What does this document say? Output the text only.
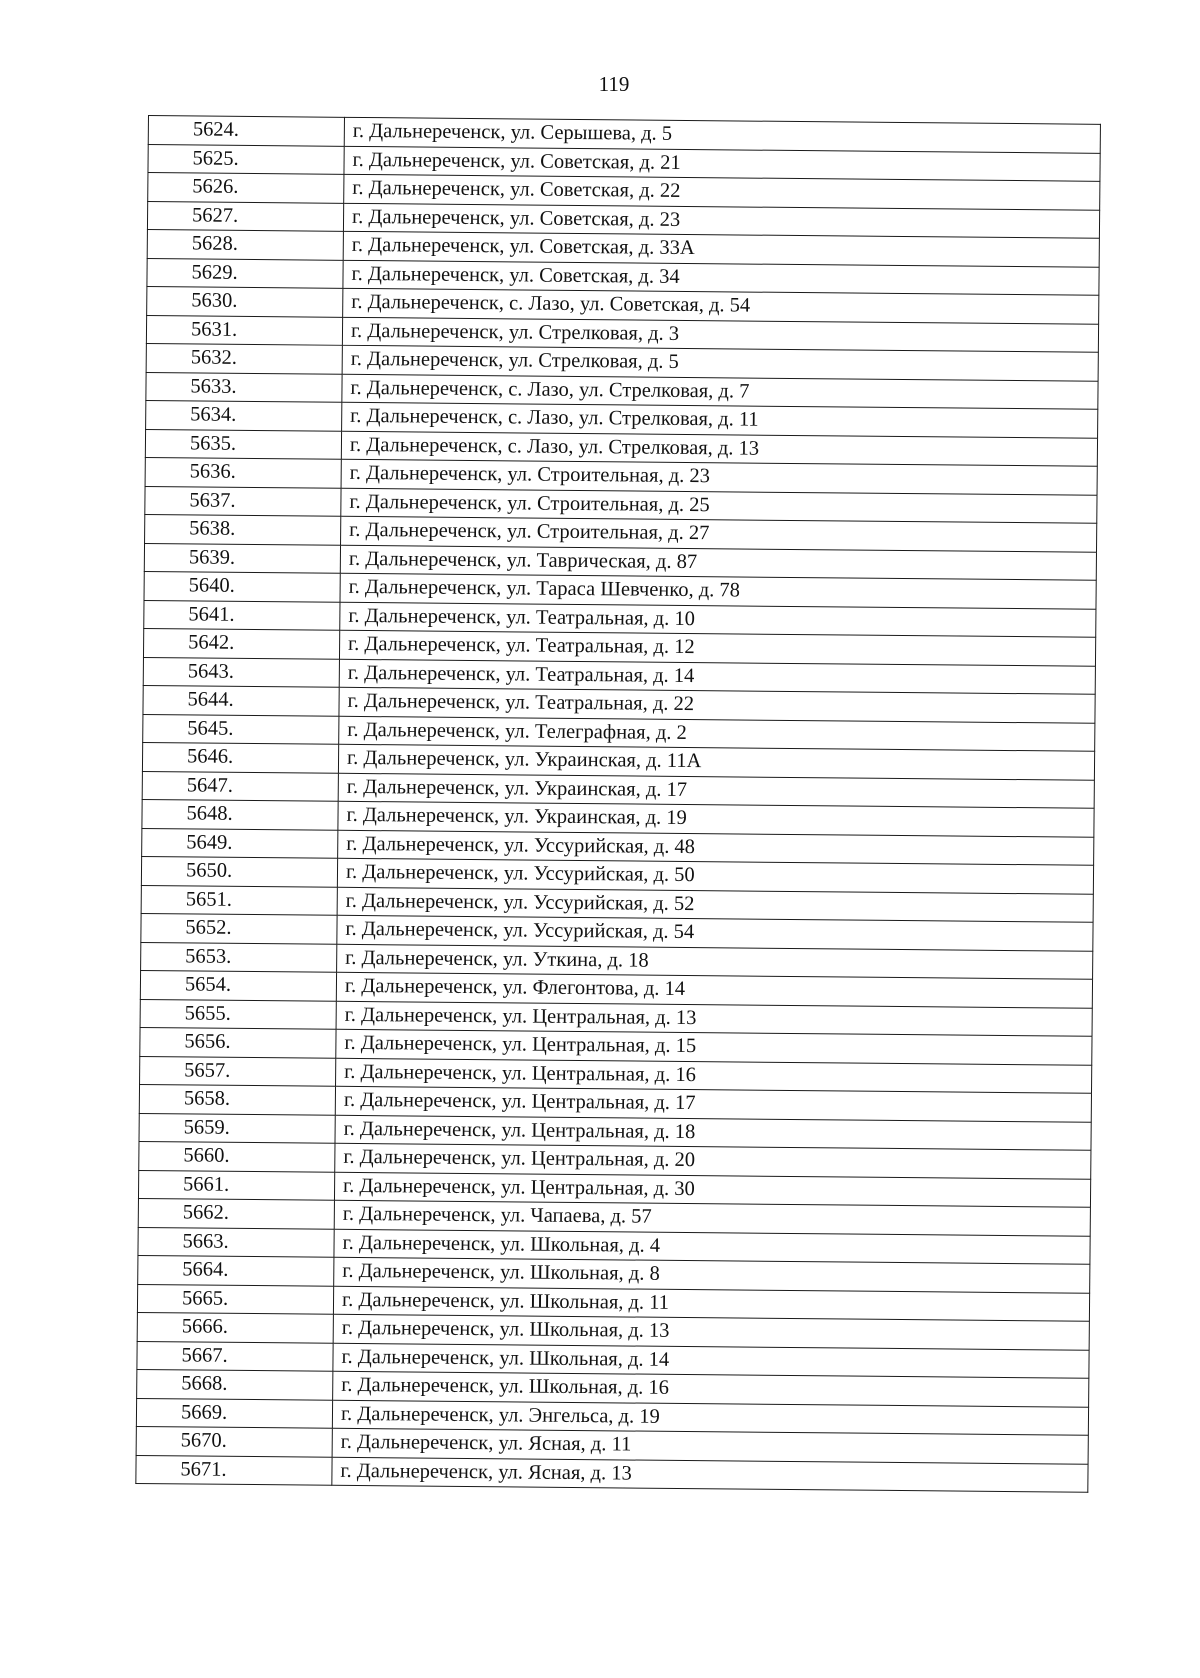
119
5624.	г. Дальнереченск, ул. Серышева, д. 5
5625.	г. Дальнереченск, ул. Советская, д. 21
5626.	г. Дальнереченск, ул. Советская, д. 22
5627.	г. Дальнереченск, ул. Советская, д. 23
5628.	г. Дальнереченск, ул. Советская, д. 33А
5629.	г. Дальнереченск, ул. Советская, д. 34
5630.	г. Дальнереченск, с. Лазо, ул. Советская, д. 54
5631.	г. Дальнереченск, ул. Стрелковая, д. 3
5632.	г. Дальнереченск, ул. Стрелковая, д. 5
5633.	г. Дальнереченск, с. Лазо, ул. Стрелковая, д. 7
5634.	г. Дальнереченск, с. Лазо, ул. Стрелковая, д. 11
5635.	г. Дальнереченск, с. Лазо, ул. Стрелковая, д. 13
5636.	г. Дальнереченск, ул. Строительная, д. 23
5637.	г. Дальнереченск, ул. Строительная, д. 25
5638.	г. Дальнереченск, ул. Строительная, д. 27
5639.	г. Дальнереченск, ул. Таврическая, д. 87
5640.	г. Дальнереченск, ул. Тараса Шевченко, д. 78
5641.	г. Дальнереченск, ул. Театральная, д. 10
5642.	г. Дальнереченск, ул. Театральная, д. 12
5643.	г. Дальнереченск, ул. Театральная, д. 14
5644.	г. Дальнереченск, ул. Театральная, д. 22
5645.	г. Дальнереченск, ул. Телеграфная, д. 2
5646.	г. Дальнереченск, ул. Украинская, д. 11А
5647.	г. Дальнереченск, ул. Украинская, д. 17
5648.	г. Дальнереченск, ул. Украинская, д. 19
5649.	г. Дальнереченск, ул. Уссурийская, д. 48
5650.	г. Дальнереченск, ул. Уссурийская, д. 50
5651.	г. Дальнереченск, ул. Уссурийская, д. 52
5652.	г. Дальнереченск, ул. Уссурийская, д. 54
5653.	г. Дальнереченск, ул. Уткина, д. 18
5654.	г. Дальнереченск, ул. Флегонтова, д. 14
5655.	г. Дальнереченск, ул. Центральная, д. 13
5656.	г. Дальнереченск, ул. Центральная, д. 15
5657.	г. Дальнереченск, ул. Центральная, д. 16
5658.	г. Дальнереченск, ул. Центральная, д. 17
5659.	г. Дальнереченск, ул. Центральная, д. 18
5660.	г. Дальнереченск, ул. Центральная, д. 20
5661.	г. Дальнереченск, ул. Центральная, д. 30
5662.	г. Дальнереченск, ул. Чапаева, д. 57
5663.	г. Дальнереченск, ул. Школьная, д. 4
5664.	г. Дальнереченск, ул. Школьная, д. 8
5665.	г. Дальнереченск, ул. Школьная, д. 11
5666.	г. Дальнереченск, ул. Школьная, д. 13
5667.	г. Дальнереченск, ул. Школьная, д. 14
5668.	г. Дальнереченск, ул. Школьная, д. 16
5669.	г. Дальнереченск, ул. Энгельса, д. 19
5670.	г. Дальнереченск, ул. Ясная, д. 11
5671.	г. Дальнереченск, ул. Ясная, д. 13
